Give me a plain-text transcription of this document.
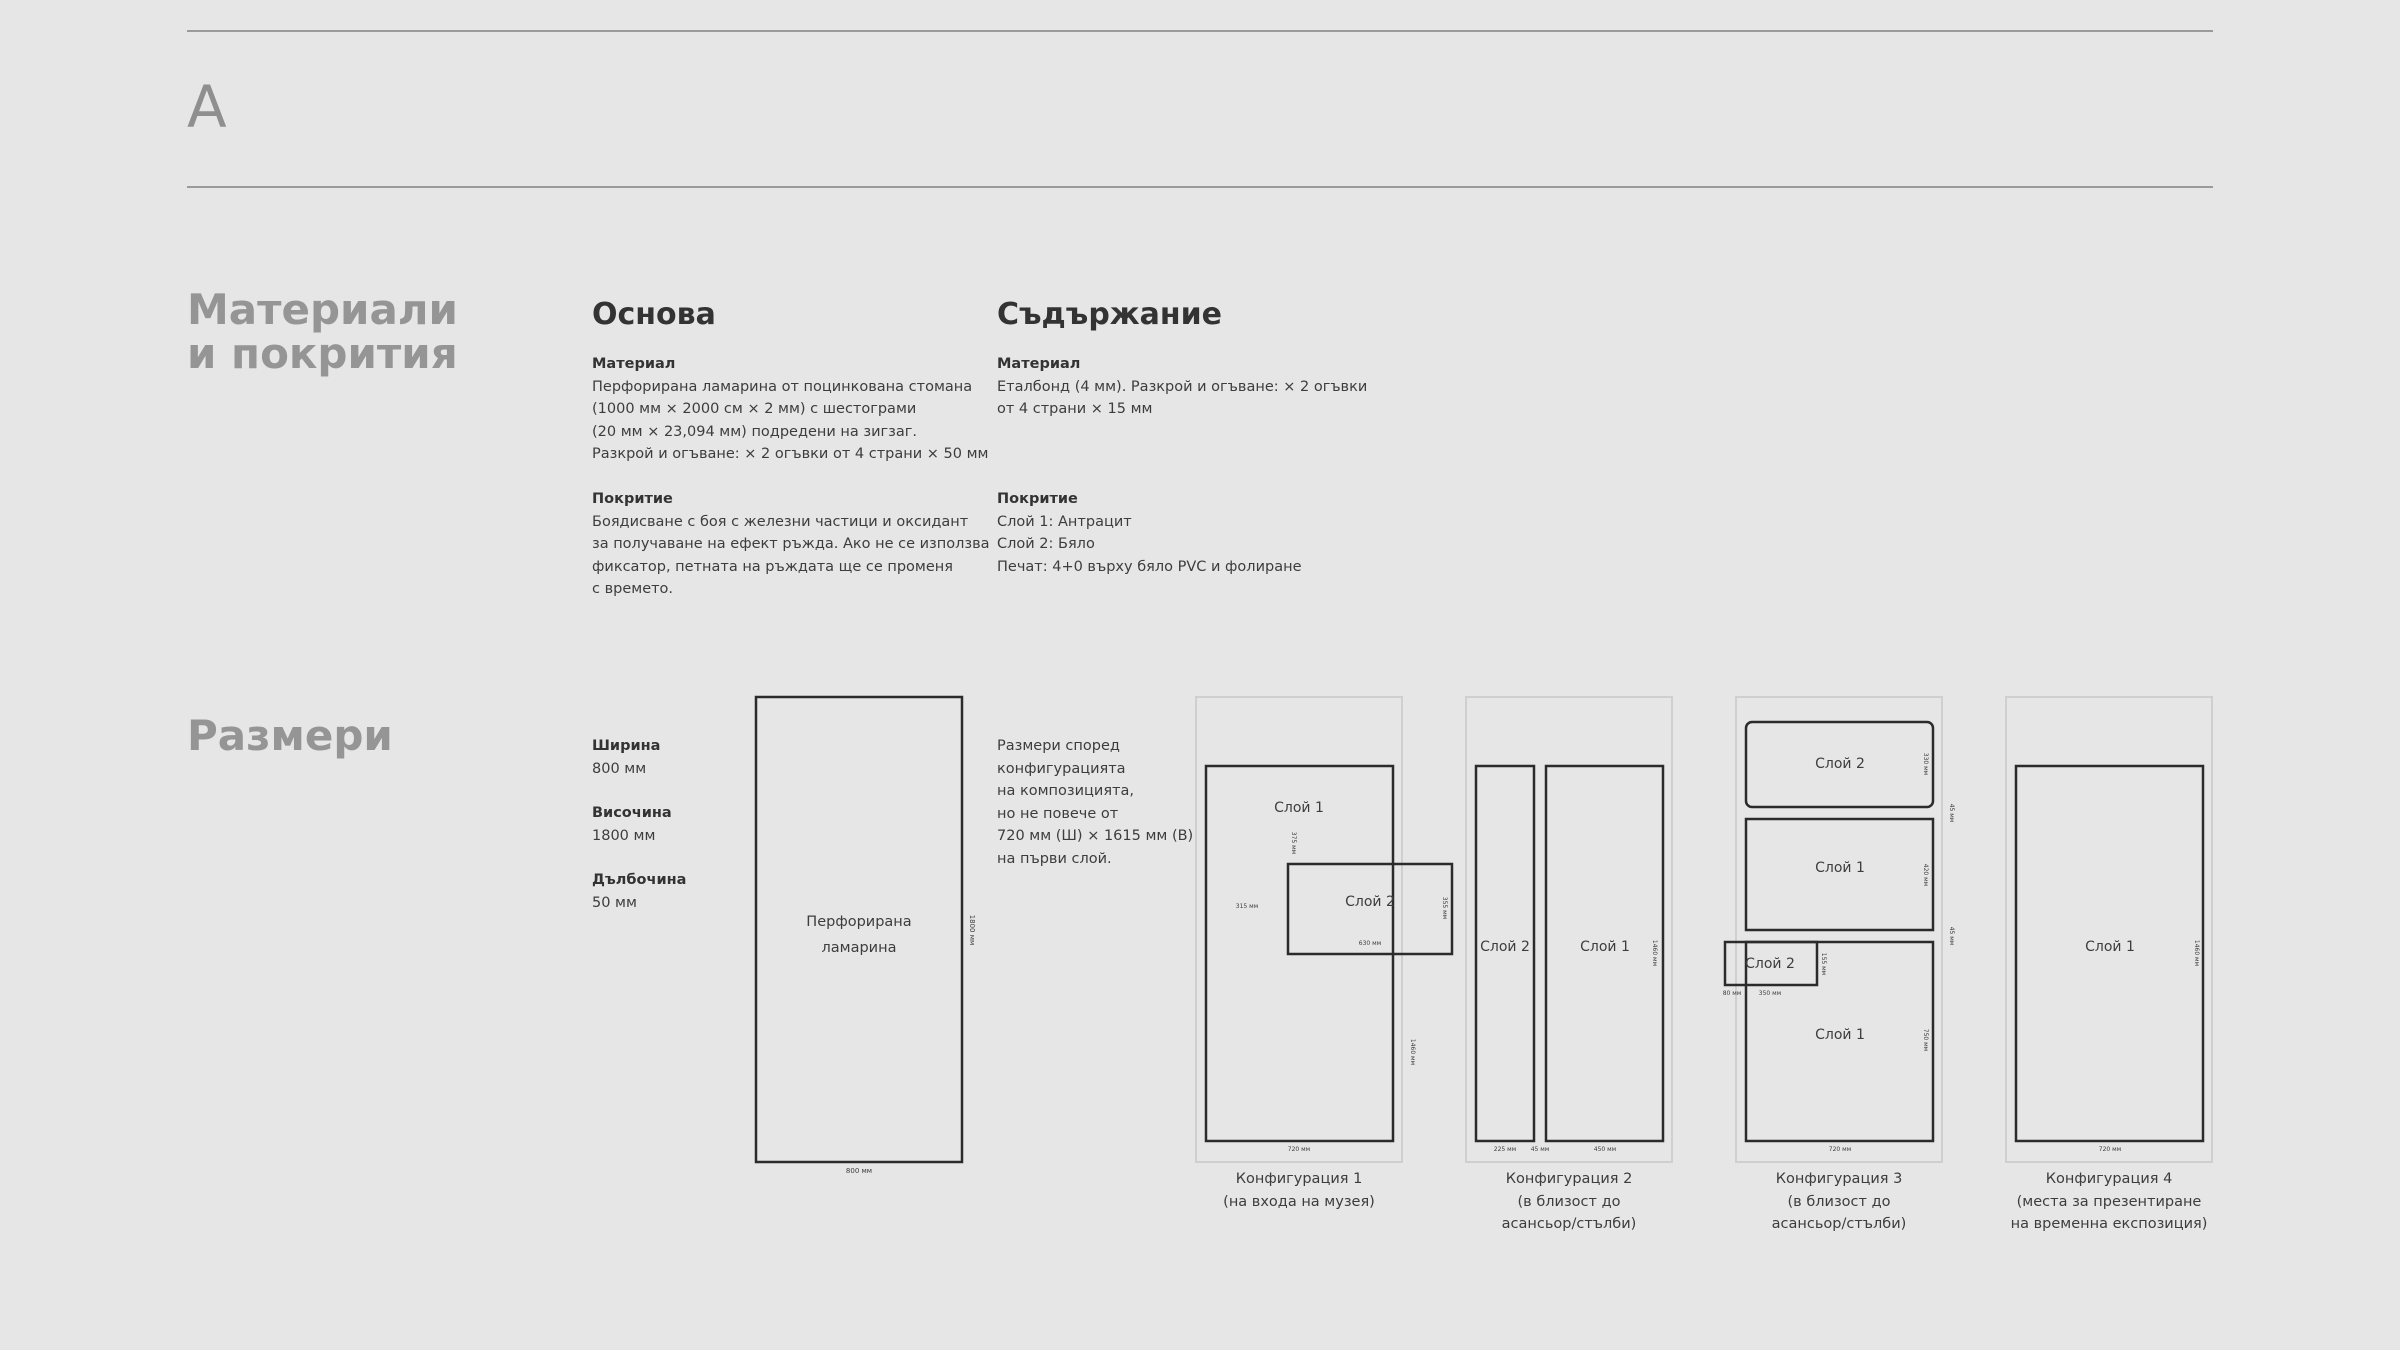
A
Материали
и покрития
Основа

Материал

Перфорирана ламарина от поцинкована стомана

(1000 мм × 2000 см × 2 мм) с шестограми

(20 мм × 23,094 мм) подредени на зигзаг.

Разкрой и огъване: × 2 огъвки от 4 страни × 50 мм

Покритие

Боядисване с боя с железни частици и оксидант

за получаване на ефект ръжда. Ако не се използва

фиксатор, петната на ръждата ще се променя

с времето.

Съдържание

Материал

Еталбонд (4 мм). Разкрой и огъване: × 2 огъвки

от 4 страни × 15 мм

Покритие

Слой 1: Антрацит

Слой 2: Бяло

Печат: 4+0 върху бяло PVC и фолиране

Размери	Ширина

800 мм

Височина

1800 мм

Дълбочина

50 мм

Размери според

конфигурацията

на композицията,

но не повече от

720 мм (Ш) × 1615 мм (В)

на първи слой.

Перфорирана
ламарина
800 мм
1800 мм
Слой 1
Слой 2
720 мм
1460 мм
630 мм
355 мм
375 мм
315 мм
Слой 2	Слой 1
225 мм 45 мм	450 мм
1460 мм
Слой 2
Слой 1
Слой 1
Слой 2
330 мм
45 мм
420 мм
45 мм
155 мм
750 мм
80 мм	350 мм
720 мм
Слой 1
720 мм
1460 мм
Конфигурация 1
(на входа на музея)
Конфигурация 2
(в близост до
асансьор/стълби)
Конфигурация 3
(в близост до
асансьор/стълби)
Конфигурация 4
(места за презентиране
на временна експозиция)
